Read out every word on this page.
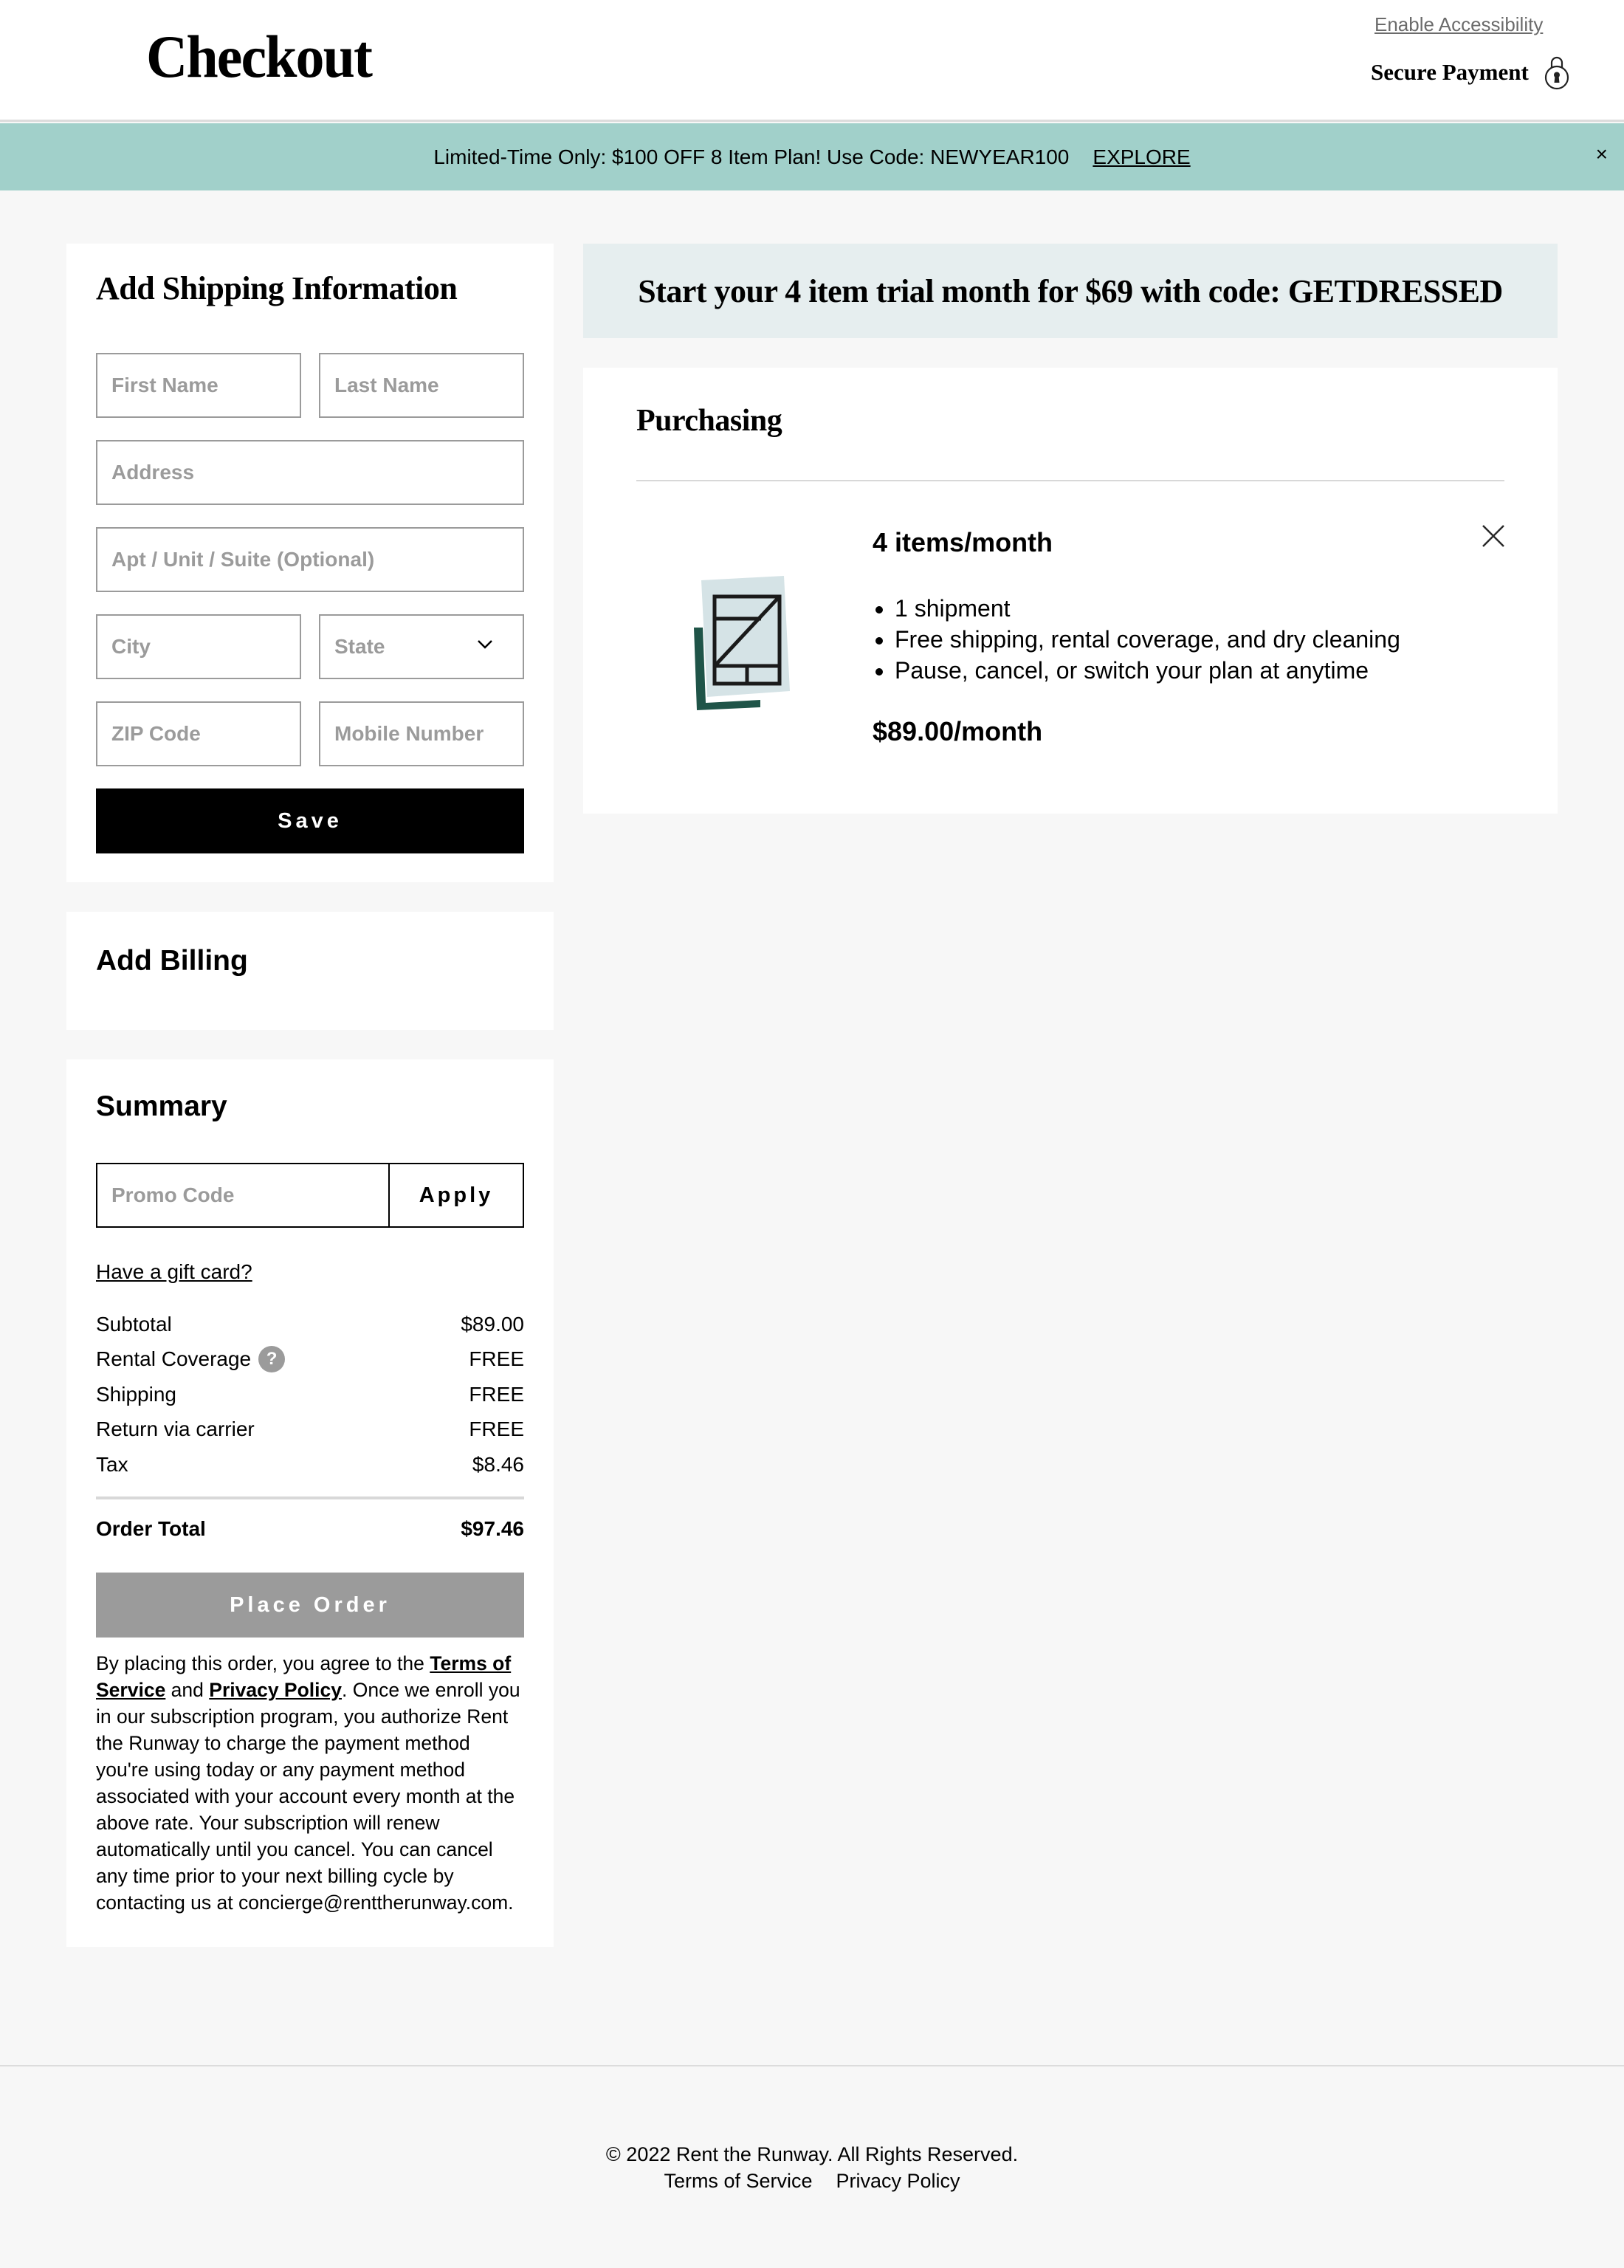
Checkout	Enable Accessibility
Secure Payment
Limited-Time Only: $100 OFF 8 Item Plan! Use Code: NEWYEAR100 EXPLORE	×
Add Shipping Information
First Name
Last Name
Address
Apt / Unit / Suite (Optional)
City
State
ZIP Code
Mobile Number
Save
Add Billing
Summary
Promo Code
Apply
Have a gift card?
Subtotal	$89.00
Rental Coverage ?	FREE
Shipping	FREE
Return via carrier	FREE
Tax	$8.46
Order Total	$97.46
Place Order

By placing this order, you agree to the Terms of Service and Privacy Policy. Once we enroll you in our subscription program, you authorize Rent the Runway to charge the payment method you're using today or any payment method associated with your account every month at the above rate. Your subscription will renew automatically until you cancel. You can cancel any time prior to your next billing cycle by contacting us at concierge@renttherunway.com.

Start your 4 item trial month for $69 with code: GETDRESSED
Purchasing
4 items/month
• 1 shipment
• Free shipping, rental coverage, and dry cleaning
• Pause, cancel, or switch your plan at anytime
$89.00/month
© 2022 Rent the Runway. All Rights Reserved.
Terms of Service Privacy Policy
